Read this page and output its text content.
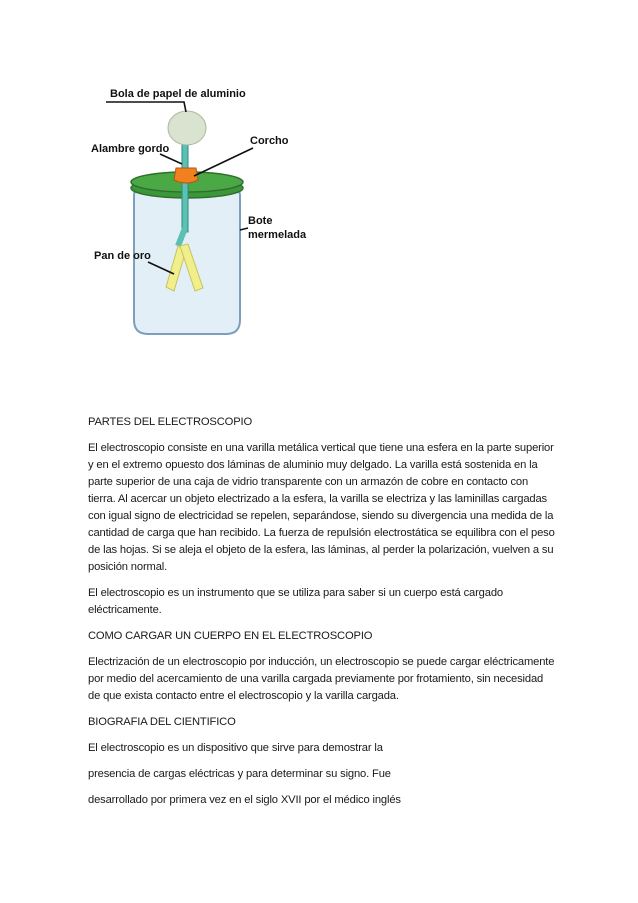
Bola de papel de aluminio
Corcho
Alambre gordo
Bote
mermelada
Pan de oro

PARTES DEL ELECTROSCOPIO

El electroscopio consiste en una varilla metálica vertical que tiene una esfera en la parte superior y en el extremo opuesto dos láminas de aluminio muy delgado. La varilla está sostenida en la parte superior de una caja de vidrio transparente con un armazón de cobre en contacto con tierra. Al acercar un objeto electrizado a la esfera, la varilla se electriza y las laminillas cargadas con igual signo de electricidad se repelen, separándose, siendo su divergencia una medida de la cantidad de carga que han recibido. La fuerza de repulsión electrostática se equilibra con el peso de las hojas. Si se aleja el objeto de la esfera, las láminas, al perder la polarización, vuelven a su posición normal.

El electroscopio es un instrumento que se utiliza para saber si un cuerpo está cargado eléctricamente.

COMO CARGAR UN CUERPO EN EL ELECTROSCOPIO

Electrización de un electroscopio por inducción, un electroscopio se puede cargar eléctricamente por medio del acercamiento de una varilla cargada previamente por frotamiento, sin necesidad de que exista contacto entre el electroscopio y la varilla cargada.

BIOGRAFIA DEL CIENTIFICO

El electroscopio es un dispositivo que sirve para demostrar la

presencia de cargas eléctricas y para determinar su signo. Fue

desarrollado por primera vez en el siglo XVII por el médico inglés
